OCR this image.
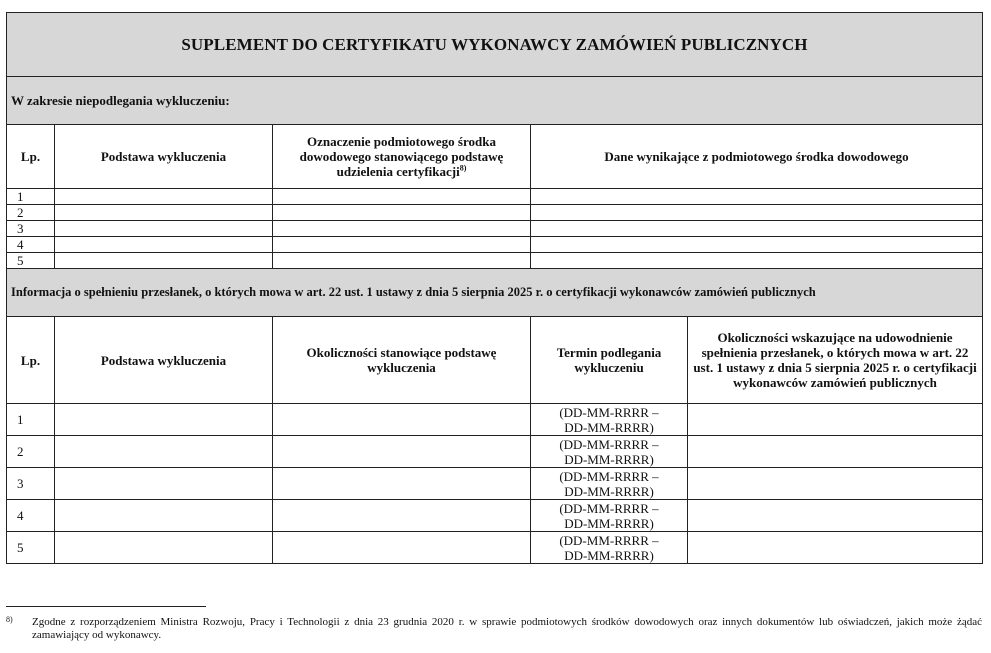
SUPLEMENT DO CERTYFIKATU WYKONAWCY ZAMÓWIEŃ PUBLICZNYCH				
W zakresie niepodlegania wykluczeniu:				
Lp.	Podstawa wykluczenia	Oznaczenie podmiotowego środka dowodowego stanowiącego podstawę udzielenia certyfikacji$^{8)}$	Dane wynikające z podmiotowego środka dowodowego	
1				
2				
3				
4				
5				
Informacja o spełnieniu przesłanek, o których mowa w art. 22 ust. 1 ustawy z dnia 5 sierpnia 2025 r. o certyfikacji wykonawców zamówień publicznych				
Lp.	Podstawa wykluczenia	Okoliczności stanowiące podstawę wykluczenia	Termin podlegania wykluczeniu	Okoliczności wskazujące na udowodnienie spełnienia przesłanek, o których mowa w art. 22 ust. 1 ustawy z dnia 5 sierpnia 2025 r. o certyfikacji wykonawców zamówień publicznych
1			(DD-MM-RRRR –
DD-MM-RRRR)	
2			(DD-MM-RRRR –
DD-MM-RRRR)	
3			(DD-MM-RRRR –
DD-MM-RRRR)	
4			(DD-MM-RRRR –
DD-MM-RRRR)	
5			(DD-MM-RRRR –
DD-MM-RRRR)	
8) Zgodne z rozporządzeniem Ministra Rozwoju, Pracy i Technologii z dnia 23 grudnia 2020 r. w sprawie podmiotowych środków dowodowych oraz innych dokumentów lub oświadczeń, jakich może żądać zamawiający od wykonawcy.
